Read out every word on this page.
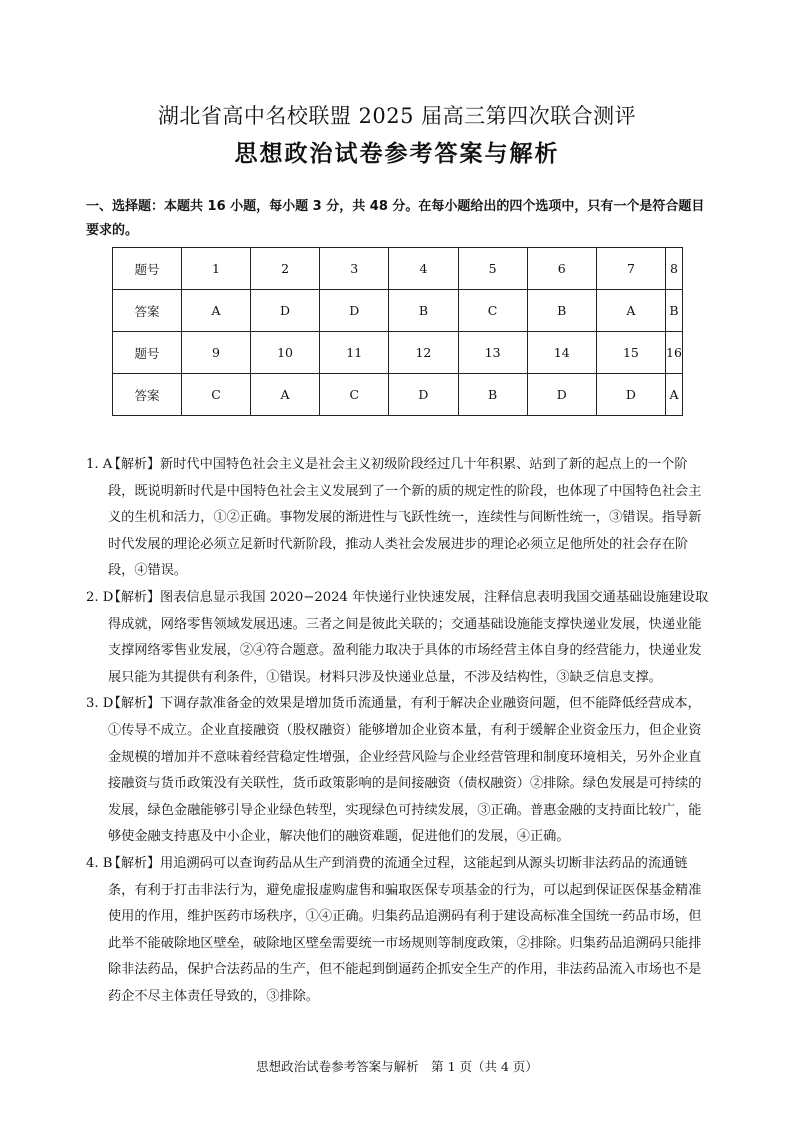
湖北省高中名校联盟 2025 届高三第四次联合测评
思想政治试卷参考答案与解析
一、选择题：本题共 16 小题，每小题 3 分，共 48 分。在每小题给出的四个选项中，只有一个是符合题目要求的。
题号	1	2	3	4	5	6	7	8
答案	A	D	D	B	C	B	A	B
题号	9	10	11	12	13	14	15	16
答案	C	A	C	D	B	D	D	A
1. A
【解析】新时代中国特色社会主义是社会主义初级阶段经过几十年积累、站到了新的起点上的一个阶段，既说明新时代是中国特色社会主义发展到了一个新的质的规定性的阶段，也体现了中国特色社会主义的生机和活力，①②正确。事物发展的渐进性与飞跃性统一，连续性与间断性统一，③错误。指导新时代发展的理论必须立足新时代新阶段，推动人类社会发展进步的理论必须立足他所处的社会存在阶段，④错误。
2. D
【解析】图表信息显示我国 2020−2024 年快递行业快速发展，注释信息表明我国交通基础设施建设取得成就，网络零售领域发展迅速。三者之间是彼此关联的；交通基础设施能支撑快递业发展，快递业能支撑网络零售业发展，②④符合题意。盈利能力取决于具体的市场经营主体自身的经营能力，快递业发展只能为其提供有利条件，①错误。材料只涉及快递业总量，不涉及结构性，③缺乏信息支撑。
3. D
【解析】下调存款准备金的效果是增加货币流通量，有利于解决企业融资问题，但不能降低经营成本，①传导不成立。企业直接融资（股权融资）能够增加企业资本量，有利于缓解企业资金压力，但企业资金规模的增加并不意味着经营稳定性增强，企业经营风险与企业经营管理和制度环境相关，另外企业直接融资与货币政策没有关联性，货币政策影响的是间接融资（债权融资）②排除。绿色发展是可持续的发展，绿色金融能够引导企业绿色转型，实现绿色可持续发展，③正确。普惠金融的支持面比较广，能够使金融支持惠及中小企业，解决他们的融资难题，促进他们的发展，④正确。
4. B
【解析】用追溯码可以查询药品从生产到消费的流通全过程，这能起到从源头切断非法药品的流通链条，有利于打击非法行为，避免虚报虚购虚售和骗取医保专项基金的行为，可以起到保证医保基金精准使用的作用，维护医药市场秩序，①④正确。归集药品追溯码有利于建设高标准全国统一药品市场，但此举不能破除地区壁垒，破除地区壁垒需要统一市场规则等制度政策，②排除。归集药品追溯码只能排除非法药品，保护合法药品的生产，但不能起到倒逼药企抓安全生产的作用，非法药品流入市场也不是药企不尽主体责任导致的，③排除。
思想政治试卷参考答案与解析　第 1 页（共 4 页）
